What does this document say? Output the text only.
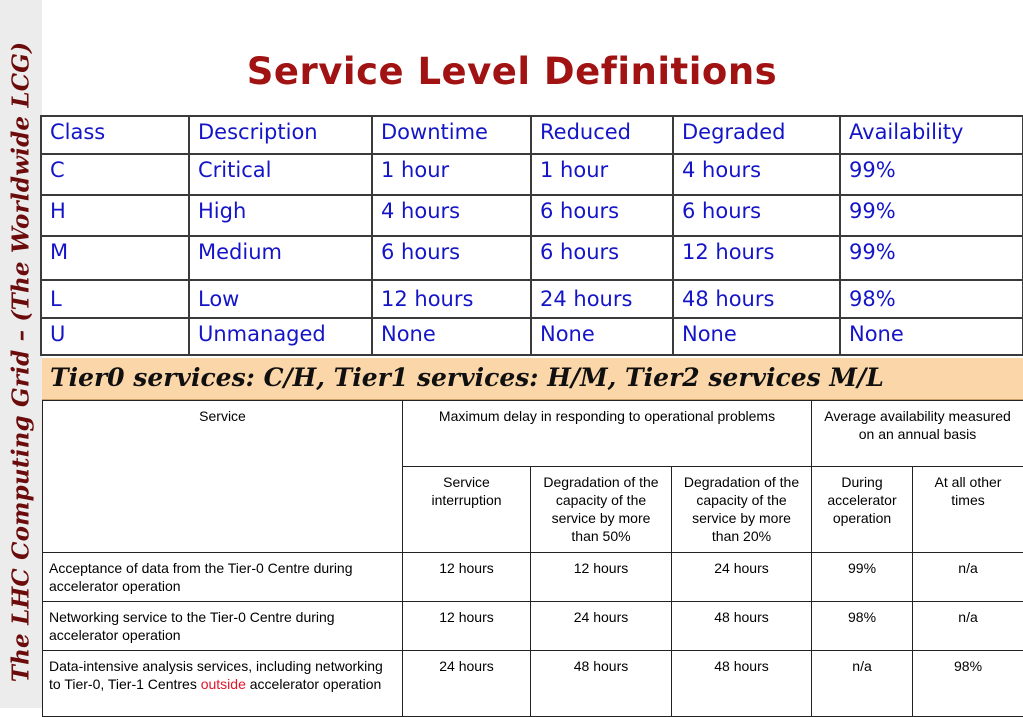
The LHC Computing Grid – (The Worldwide LCG)	Service Level Definitions
Class	Description	Downtime	Reduced	Degraded	Availability
C	Critical	1 hour	1 hour	4 hours	99%
H	High	4 hours	6 hours	6 hours	99%
M	Medium	6 hours	6 hours	12 hours	99%
L	Low	12 hours	24 hours	48 hours	98%
U	Unmanaged	None	None	None	None
Tier0 services: C/H, Tier1 services: H/M, Tier2 services M/L
Service	Maximum delay in responding to operational problems			Average availability measured on an annual basis	
	Service interruption	Degradation of the capacity of the service by more than 50%	Degradation of the capacity of the service by more than 20%	During accelerator operation	At all other times
Acceptance of data from the Tier-0 Centre during accelerator operation	12 hours	12 hours	24 hours	99%	n/a
Networking service to the Tier-0 Centre during accelerator operation	12 hours	24 hours	48 hours	98%	n/a
Data-intensive analysis services, including networking to Tier-0, Tier-1 Centres outside accelerator operation	24 hours	48 hours	48 hours	n/a	98%
